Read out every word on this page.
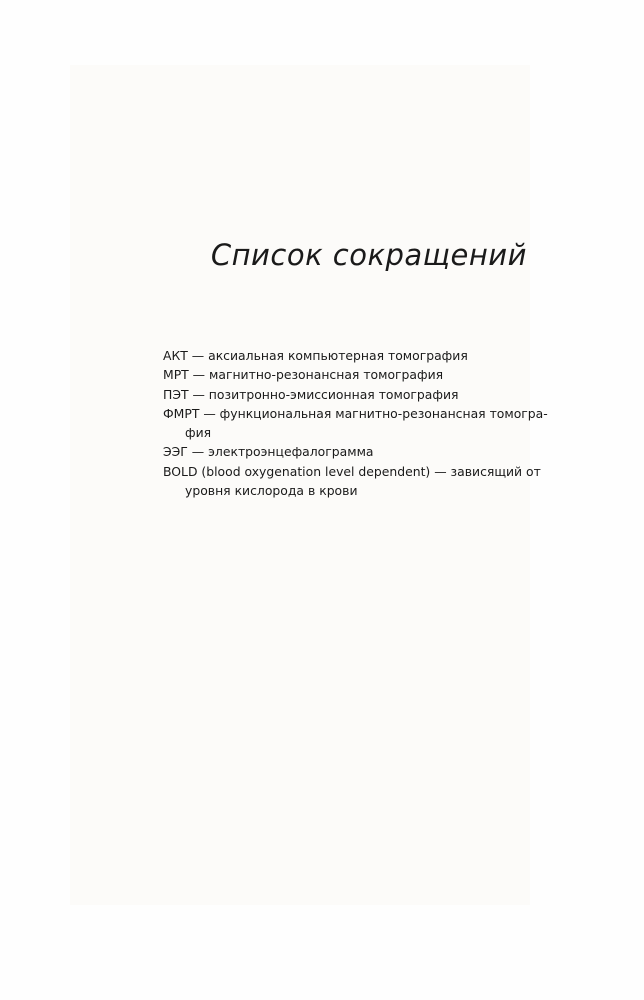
Список сокращений
АКТ — аксиальная компьютерная томография
МРТ — магнитно-резонансная томография
ПЭТ — позитронно-эмиссионная томография
ФМРТ — функциональная магнитно-резонансная томогра-
фия
ЭЭГ — электроэнцефалограмма
BOLD (blood oxygenation level dependent) — зависящий от
уровня кислорода в крови
